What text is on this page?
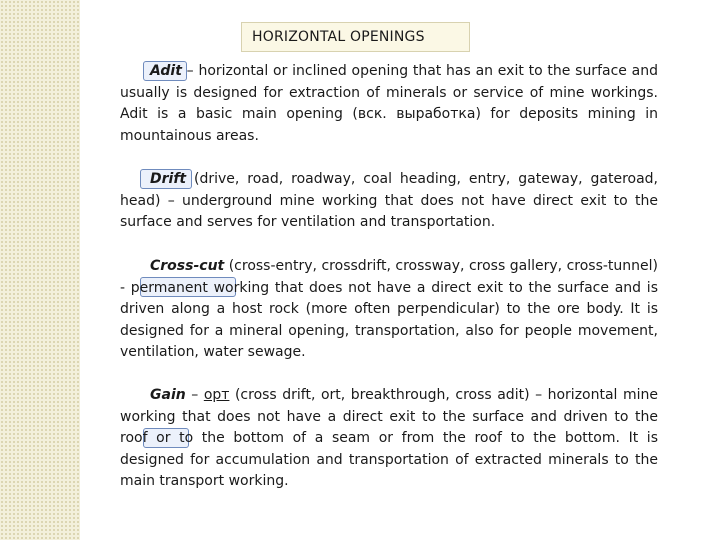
HORIZONTAL OPENINGS

Adit – horizontal or inclined opening that has an exit to the surface and usually is designed for extraction of minerals or service of mine workings. Adit is a basic main opening (вск. выработка) for deposits mining in mountainous areas.

Drift (drive, road, roadway, coal heading, entry, gateway, gateroad, head) – underground mine working that does not have direct exit to the surface and serves for ventilation and transportation.

Cross-cut (cross-entry, crossdrift, crossway, cross gallery, cross-tunnel) - permanent working that does not have a direct exit to the surface and is driven along a host rock (more often perpendicular) to the ore body. It is designed for a mineral opening, transportation, also for people movement, ventilation, water sewage.

Gain – орт (cross drift, ort, breakthrough, cross adit) – horizontal mine working that does not have a direct exit to the surface and driven to the roof or to the bottom of a seam or from the roof to the bottom. It is designed for accumulation and transportation of extracted minerals to the main transport working.
